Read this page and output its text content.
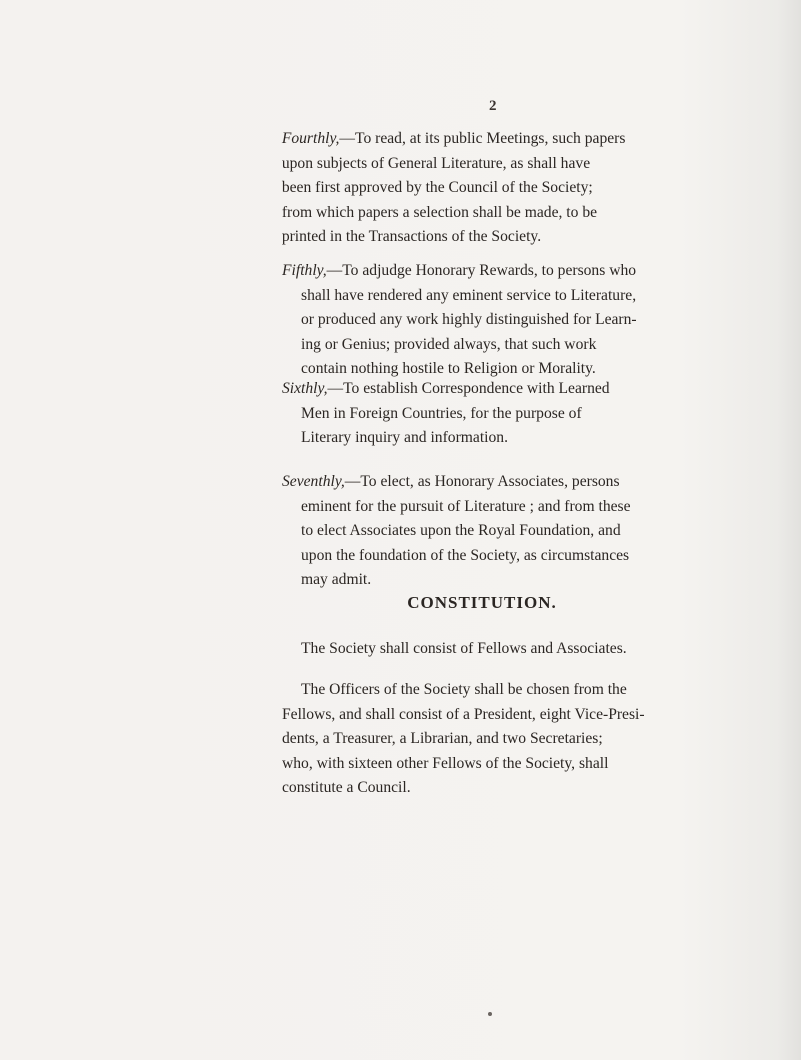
2

Fourthly,—To read, at its public Meetings, such papers
upon subjects of General Literature, as shall have
been first approved by the Council of the Society;
from which papers a selection shall be made, to be
printed in the Transactions of the Society.

Fifthly,—To adjudge Honorary Rewards, to persons who
shall have rendered any eminent service to Literature,
or produced any work highly distinguished for Learn-
ing or Genius; provided always, that such work
contain nothing hostile to Religion or Morality.

Sixthly,—To establish Correspondence with Learned
Men in Foreign Countries, for the purpose of
Literary inquiry and information.

Seventhly,—To elect, as Honorary Associates, persons
eminent for the pursuit of Literature ; and from these
to elect Associates upon the Royal Foundation, and
upon the foundation of the Society, as circumstances
may admit.

CONSTITUTION.

The Society shall consist of Fellows and Associates.

The Officers of the Society shall be chosen from the
Fellows, and shall consist of a President, eight Vice-Presi-
dents, a Treasurer, a Librarian, and two Secretaries;
who, with sixteen other Fellows of the Society, shall
constitute a Council.
